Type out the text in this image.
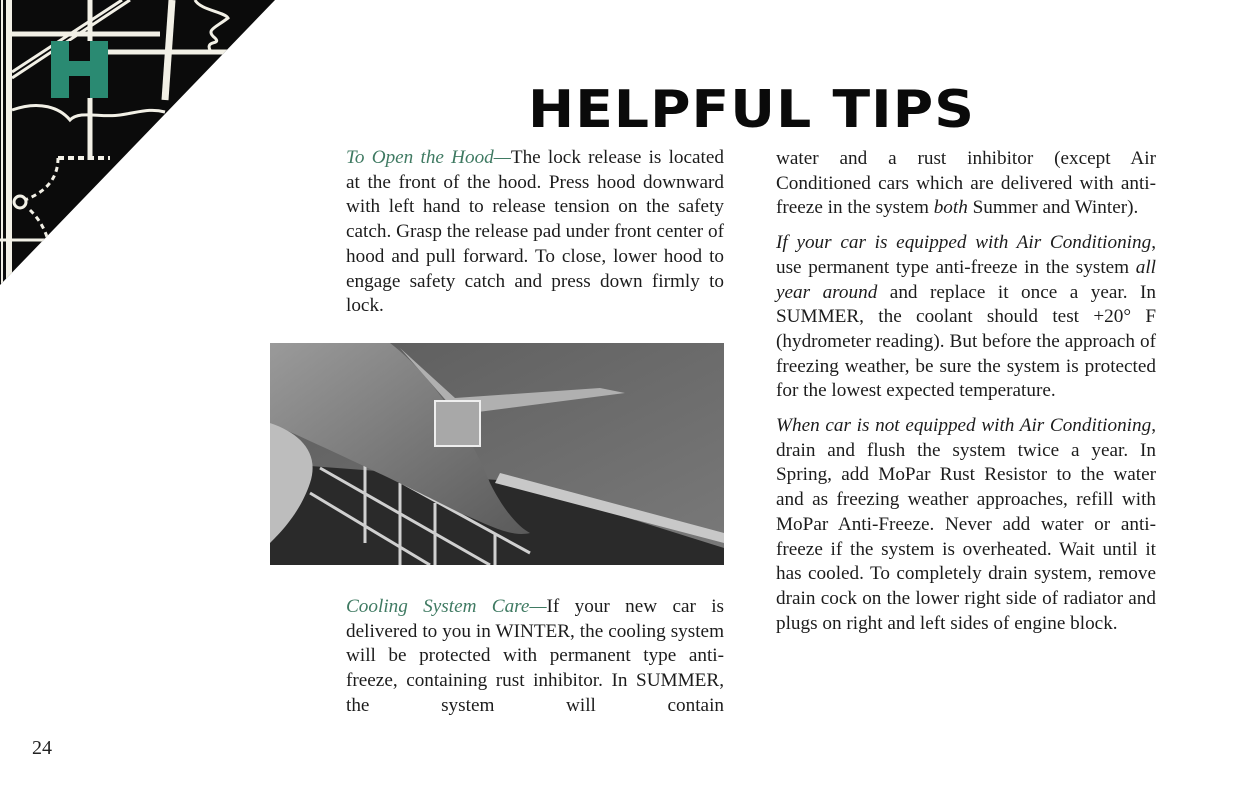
HELPFUL TIPS

To Open the Hood—The lock release is located at the front of the hood. Press hood downward with left hand to release tension on the safety catch. Grasp the release pad under front center of hood and pull forward. To close, lower hood to engage safety catch and press down firmly to lock.

Cooling System Care—If your new car is delivered to you in WINTER, the cooling system will be protected with permanent type anti-freeze, containing rust inhibitor. In SUMMER, the system will contain

water and a rust inhibitor (except Air Conditioned cars which are delivered with anti-freeze in the system both Summer and Winter).

If your car is equipped with Air Conditioning, use permanent type anti-freeze in the system all year around and replace it once a year. In SUMMER, the coolant should test +20° F (hydrometer reading). But before the approach of freezing weather, be sure the system is protected for the lowest expected temperature.

When car is not equipped with Air Conditioning, drain and flush the system twice a year. In Spring, add MoPar Rust Resistor to the water and as freezing weather approaches, refill with MoPar Anti-Freeze. Never add water or anti-freeze if the system is overheated. Wait until it has cooled. To completely drain system, remove drain cock on the lower right side of radiator and plugs on right and left sides of engine block.

24
